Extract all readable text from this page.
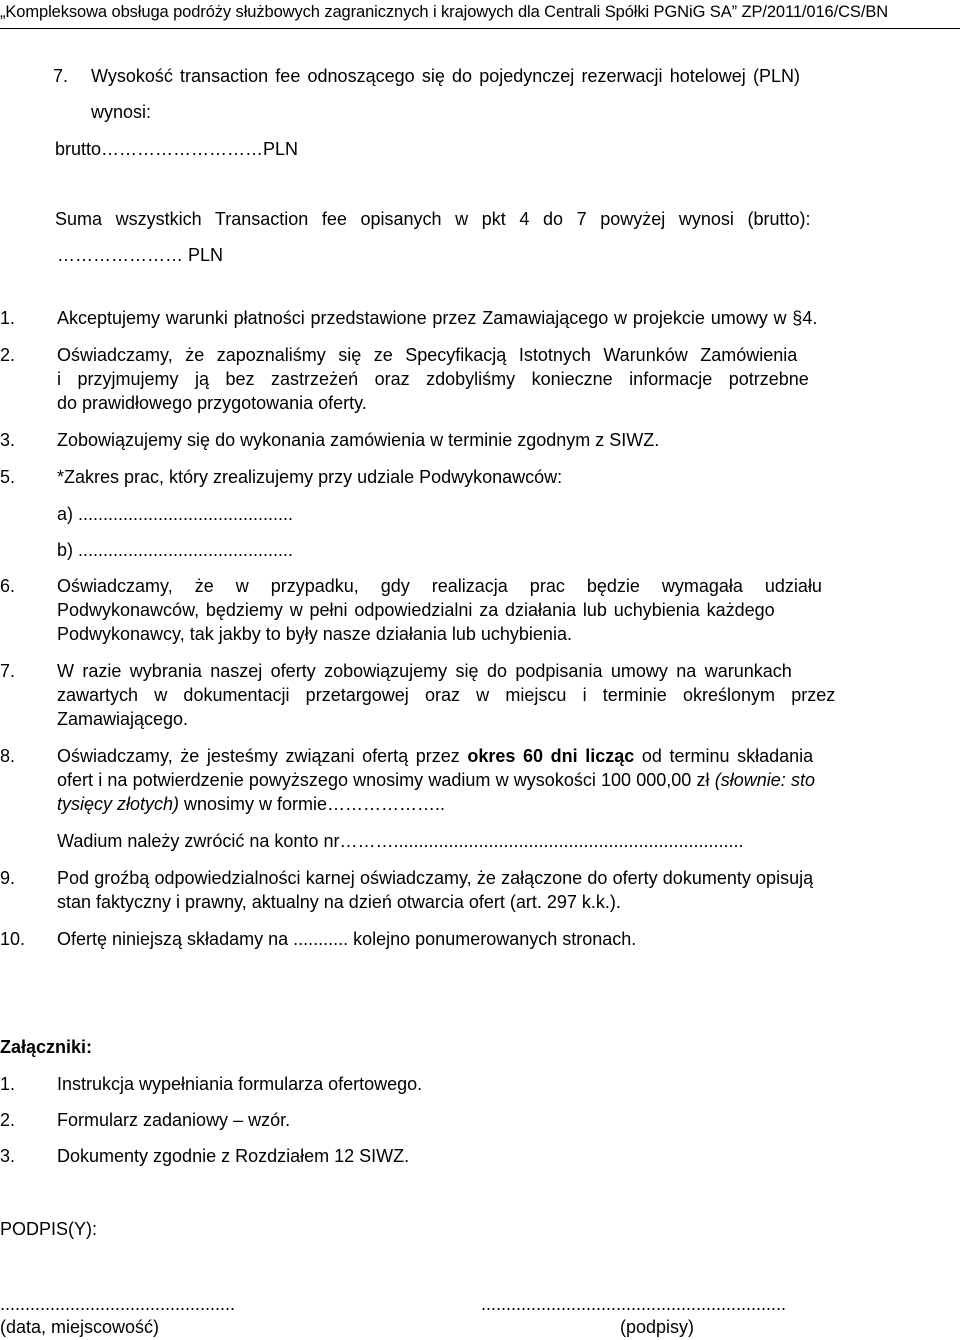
„Kompleksowa obsługa podróży służbowych zagranicznych i krajowych dla Centrali Spółki PGNiG SA” ZP/2011/016/CS/BN
7. Wysokość transaction fee odnoszącego się do pojedynczej rezerwacji hotelowej (PLN)
wynosi:
brutto………………………PLN
Suma wszystkich Transaction fee opisanych w pkt 4 do 7 powyżej wynosi (brutto):
………………… PLN
1. Akceptujemy warunki płatności przedstawione przez Zamawiającego w projekcie umowy w §4.
2. Oświadczamy, że zapoznaliśmy się ze Specyfikacją Istotnych Warunków Zamówienia
i przyjmujemy ją bez zastrzeżeń oraz zdobyliśmy konieczne informacje potrzebne
do prawidłowego przygotowania oferty.
3. Zobowiązujemy się do wykonania zamówienia w terminie zgodnym z SIWZ.
5. *Zakres prac, który zrealizujemy przy udziale Podwykonawców:
a) ...........................................
b) ...........................................
6. Oświadczamy, że w przypadku, gdy realizacja prac będzie wymagała udziału
Podwykonawców, będziemy w pełni odpowiedzialni za działania lub uchybienia każdego
Podwykonawcy, tak jakby to były nasze działania lub uchybienia.
7. W razie wybrania naszej oferty zobowiązujemy się do podpisania umowy na warunkach
zawartych w dokumentacji przetargowej oraz w miejscu i terminie określonym przez
Zamawiającego.
8. Oświadczamy, że jesteśmy związani ofertą przez okres 60 dni licząc od terminu składania
ofert i na potwierdzenie powyższego wnosimy wadium w wysokości 100 000,00 zł (słownie: sto
tysięcy złotych) wnosimy w formie………………..
Wadium należy zwrócić na konto nr………......................................................................
9. Pod groźbą odpowiedzialności karnej oświadczamy, że załączone do oferty dokumenty opisują
stan faktyczny i prawny, aktualny na dzień otwarcia ofert (art. 297 k.k.).
10. Ofertę niniejszą składamy na ........... kolejno ponumerowanych stronach.
Załączniki:
1. Instrukcja wypełniania formularza ofertowego.
2. Formularz zadaniowy – wzór.
3. Dokumenty zgodnie z Rozdziałem 12 SIWZ.
PODPIS(Y):
...............................................
(data, miejscowość)
.............................................................
(podpisy)
